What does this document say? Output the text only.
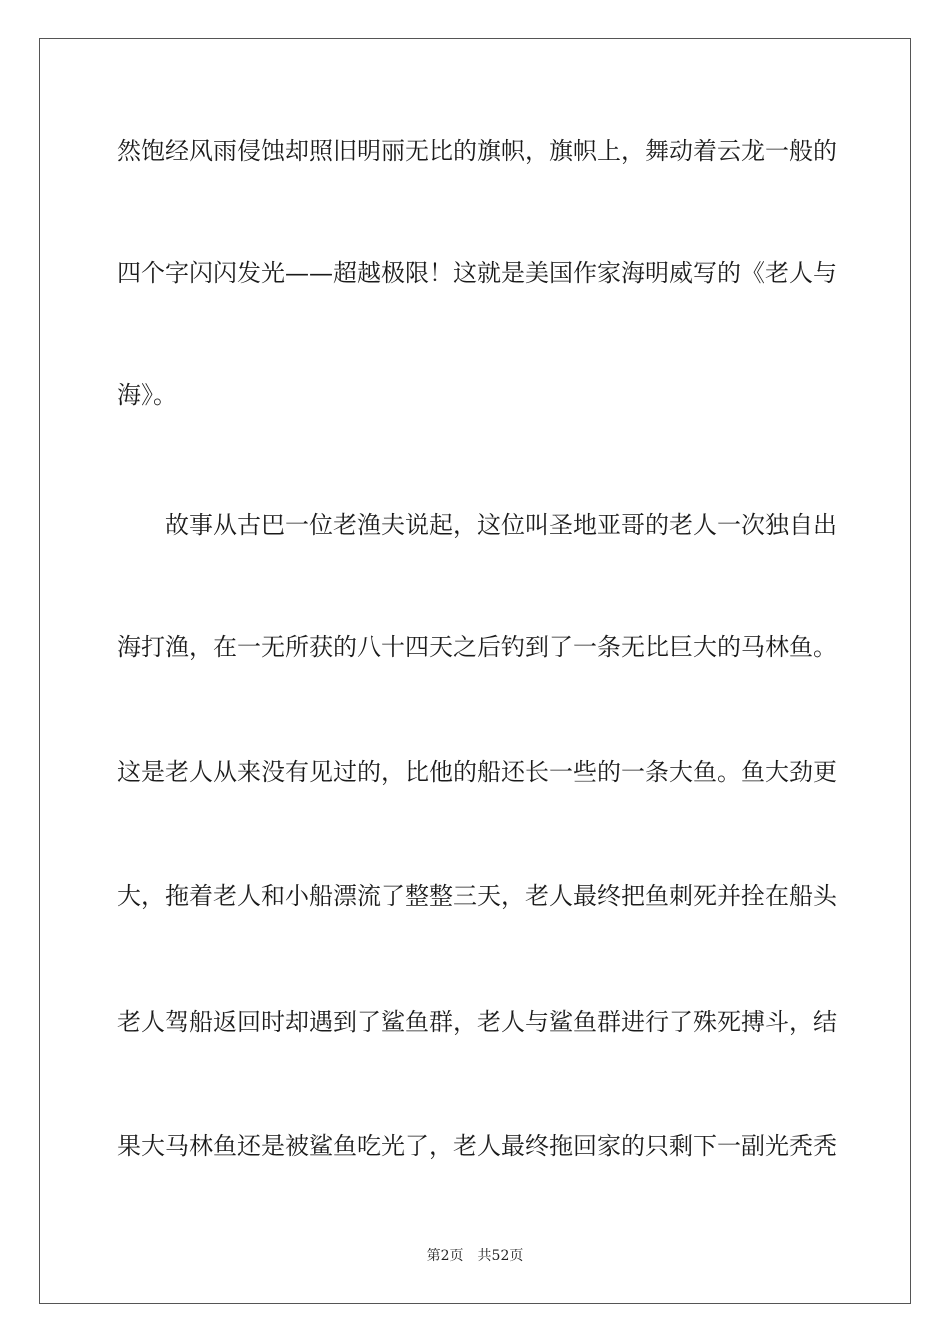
然饱经风雨侵蚀却照旧明丽无比的旗帜，旗帜上，舞动着云龙一般的
四个字闪闪发光——超越极限！这就是美国作家海明威写的《老人与
海》。
故事从古巴一位老渔夫说起，这位叫圣地亚哥的老人一次独自出
海打渔，在一无所获的八十四天之后钓到了一条无比巨大的马林鱼。
这是老人从来没有见过的，比他的船还长一些的一条大鱼。鱼大劲更
大，拖着老人和小船漂流了整整三天，老人最终把鱼刺死并拴在船头
老人驾船返回时却遇到了鲨鱼群，老人与鲨鱼群进行了殊死搏斗，结
果大马林鱼还是被鲨鱼吃光了，老人最终拖回家的只剩下一副光秃秃
第2页 共52页
